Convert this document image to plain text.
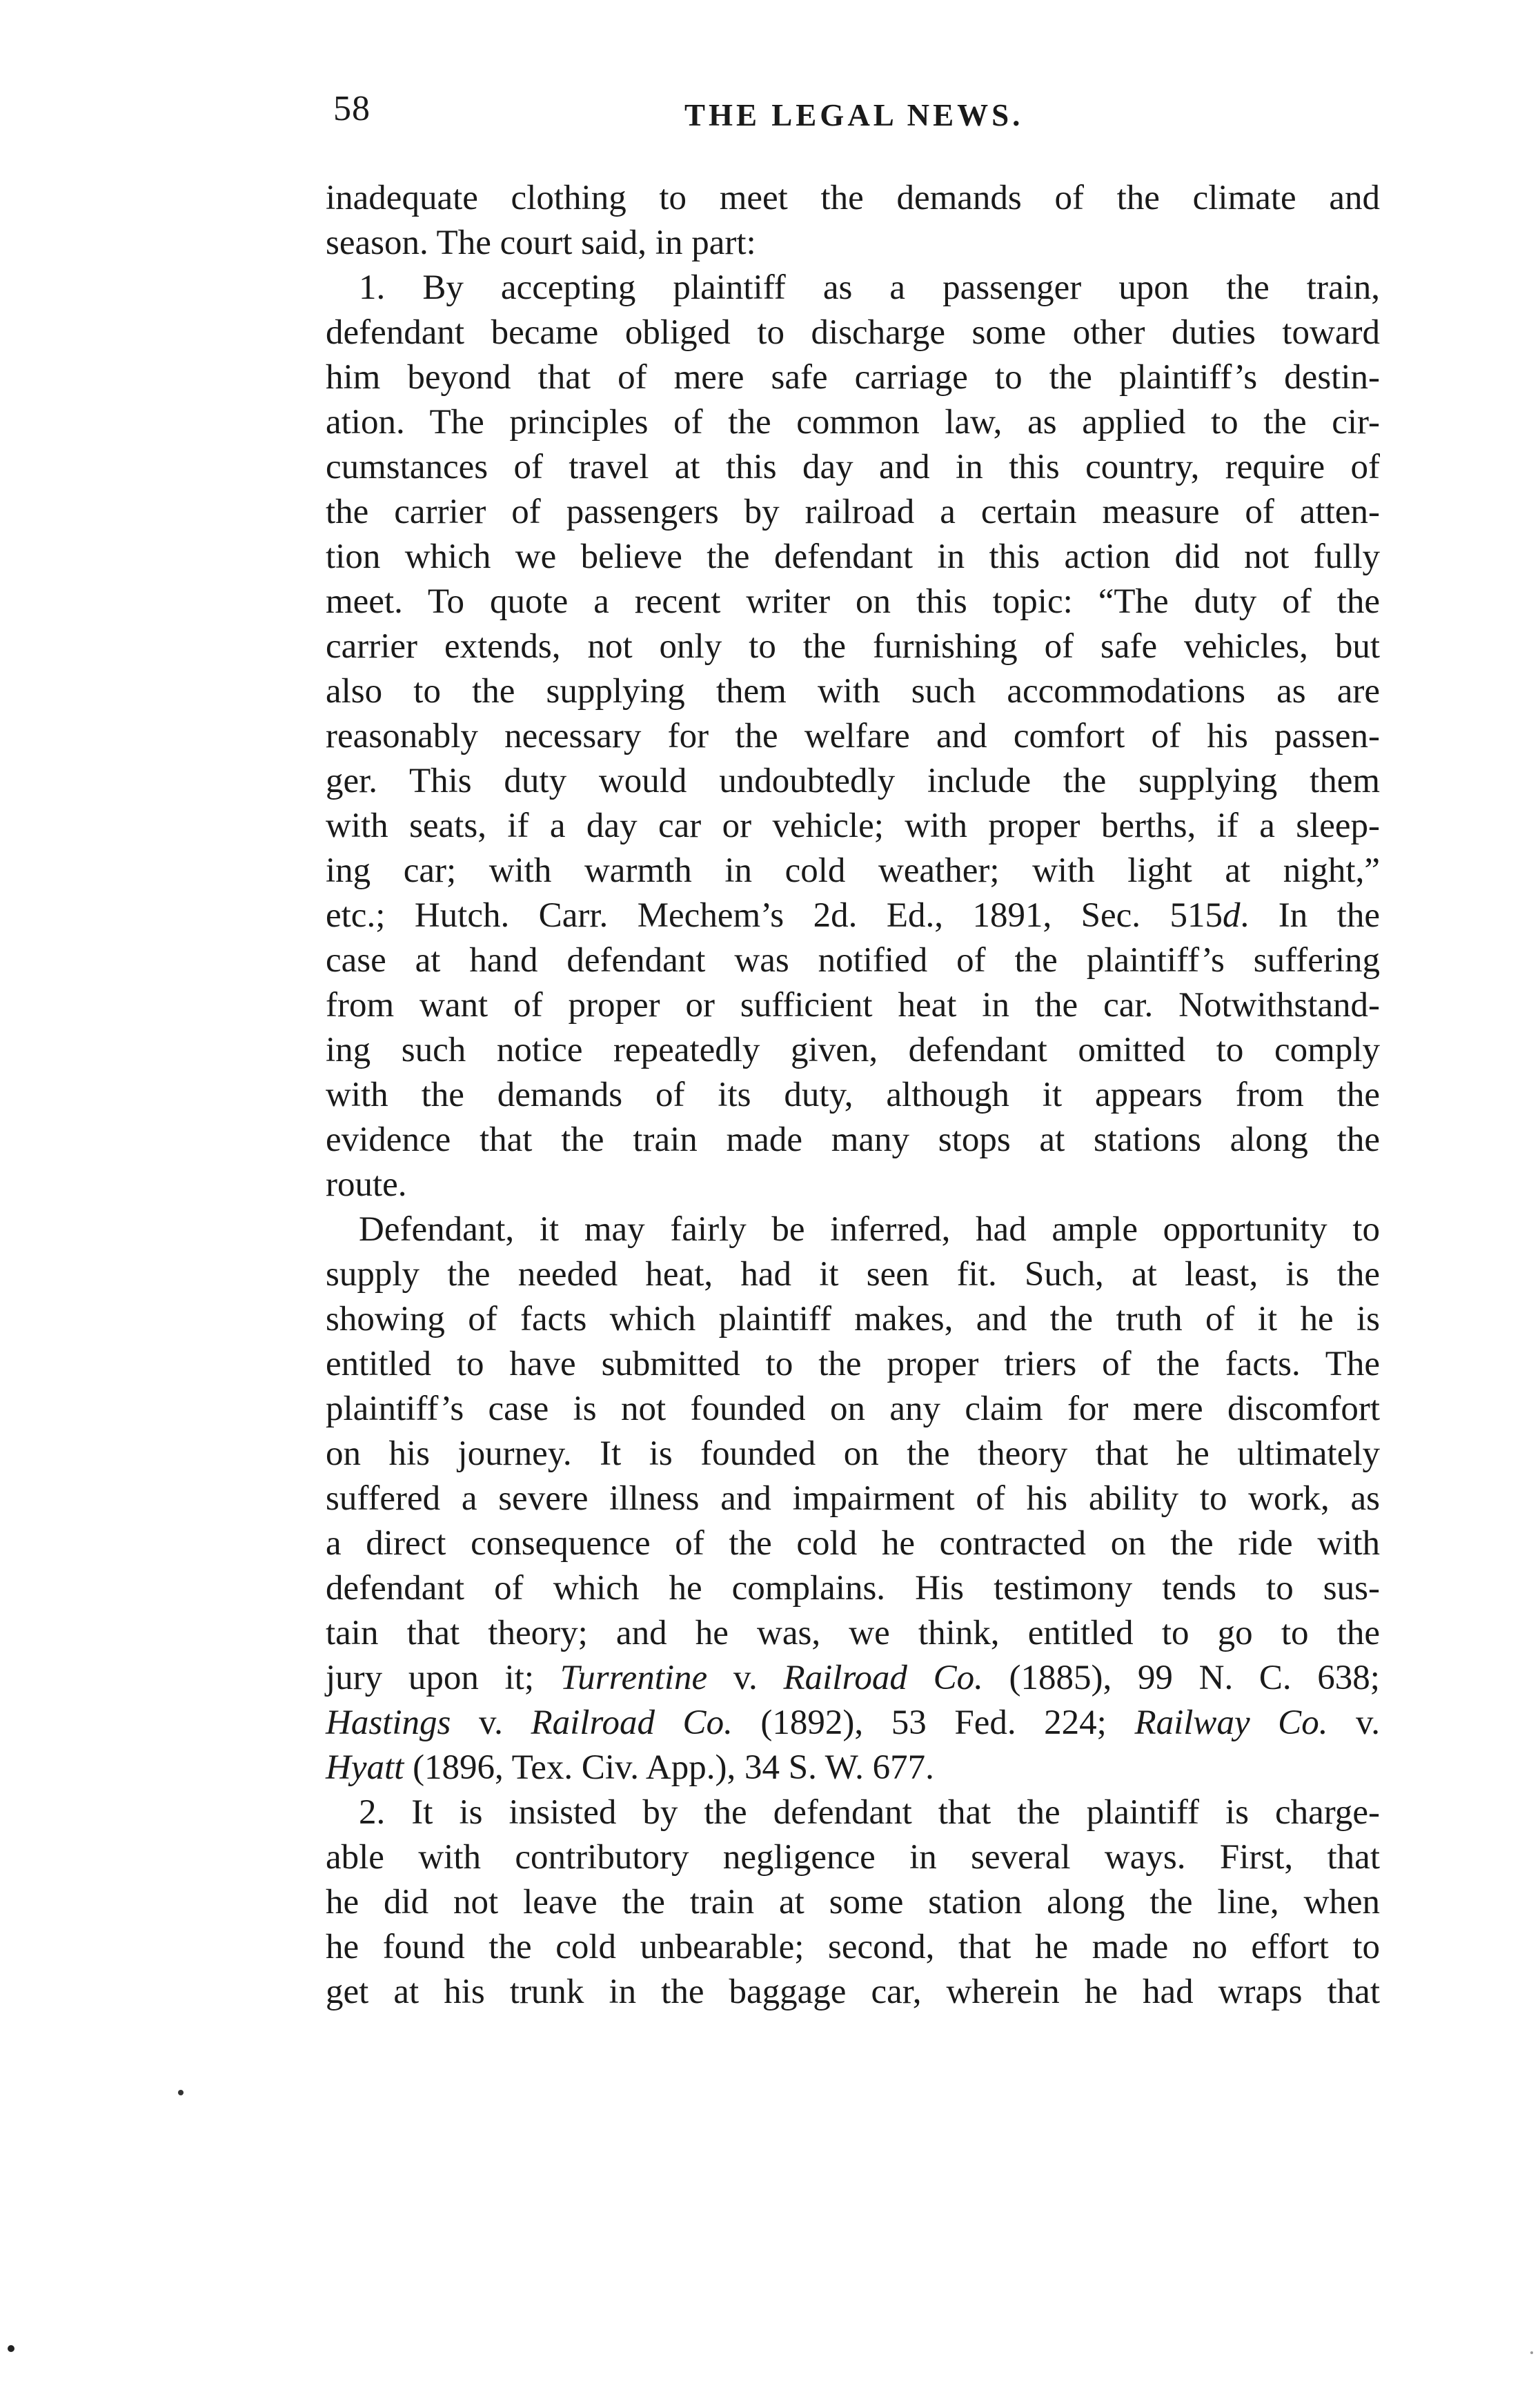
58	THE LEGAL NEWS.
inadequate clothing to meet the demands of the climate and
season. The court said, in part:
1. By accepting plaintiff as a passenger upon the train,
defendant became obliged to discharge some other duties toward
him beyond that of mere safe carriage to the plaintiff’s destin-
ation. The principles of the common law, as applied to the cir-
cumstances of travel at this day and in this country, require of
the carrier of passengers by railroad a certain measure of atten-
tion which we believe the defendant in this action did not fully
meet. To quote a recent writer on this topic: “The duty of the
carrier extends, not only to the furnishing of safe vehicles, but
also to the supplying them with such accommodations as are
reasonably necessary for the welfare and comfort of his passen-
ger. This duty would undoubtedly include the supplying them
with seats, if a day car or vehicle; with proper berths, if a sleep-
ing car; with warmth in cold weather; with light at night,”
etc.; Hutch. Carr. Mechem’s 2d. Ed., 1891, Sec. 515d. In the
case at hand defendant was notified of the plaintiff’s suffering
from want of proper or sufficient heat in the car. Notwithstand-
ing such notice repeatedly given, defendant omitted to comply
with the demands of its duty, although it appears from the
evidence that the train made many stops at stations along the
route.
Defendant, it may fairly be inferred, had ample opportunity to
supply the needed heat, had it seen fit. Such, at least, is the
showing of facts which plaintiff makes, and the truth of it he is
entitled to have submitted to the proper triers of the facts. The
plaintiff’s case is not founded on any claim for mere discomfort
on his journey. It is founded on the theory that he ultimately
suffered a severe illness and impairment of his ability to work, as
a direct consequence of the cold he contracted on the ride with
defendant of which he complains. His testimony tends to sus-
tain that theory; and he was, we think, entitled to go to the
jury upon it; Turrentine v. Railroad Co. (1885), 99 N. C. 638;
Hastings v. Railroad Co. (1892), 53 Fed. 224; Railway Co. v.
Hyatt (1896, Tex. Civ. App.), 34 S. W. 677.
2. It is insisted by the defendant that the plaintiff is charge-
able with contributory negligence in several ways. First, that
he did not leave the train at some station along the line, when
he found the cold unbearable; second, that he made no effort to
get at his trunk in the baggage car, wherein he had wraps that
